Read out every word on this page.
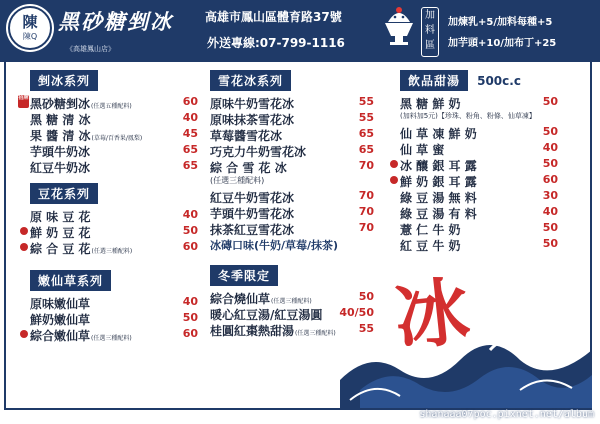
陳
陳Q
黑砂糖剉冰
《高雄鳳山店》
高雄市鳳山區體育路37號
外送專線:07-799-1116
加
料
區
加煉乳+5/加料每種+5
加芋頭+10/加布丁+25
冰
剉冰系列
招牌 黑砂糖剉冰(任選五種配料)	60
黑 糖 清 冰	40
果 醬 清 冰(草莓/百香果/鳳梨)	45
芋頭牛奶冰	65
紅豆牛奶冰	65
豆花系列
原 味 豆 花	40
鮮 奶 豆 花	50
綜 合 豆 花(任選三種配料)	60
嫩仙草系列
原味嫩仙草	40
鮮奶嫩仙草	50
綜合嫩仙草(任選三種配料)	60
雪花冰系列
原味牛奶雪花冰	55
原味抹茶雪花冰	55
草莓醬雪花冰	65
巧克力牛奶雪花冰	65
綜 合 雪 花 冰	70
(任選三種配料)
紅豆牛奶雪花冰	70
芋頭牛奶雪花冰	70
抹茶紅豆雪花冰	70
冰磚口味(牛奶/草莓/抹茶)
冬季限定
綜合燒仙草(任選三種配料)	50
暖心紅豆湯/紅豆湯圓 40/50
桂圓紅棗熱甜湯(任選三種配料) 55
飲品甜湯 500c.c
黑 糖 鮮 奶	50
(加料加5元)【珍珠、粉角、粉條、仙草凍】
仙 草 凍 鮮 奶	50
仙 草 蜜	40
冰 釀 銀 耳 露	50
鮮 奶 銀 耳 露	60
綠 豆 湯 無 料	30
綠 豆 湯 有 料	40
薏 仁 牛 奶	50
紅 豆 牛 奶	50
shanaaa07poc.pixnet.net/album
